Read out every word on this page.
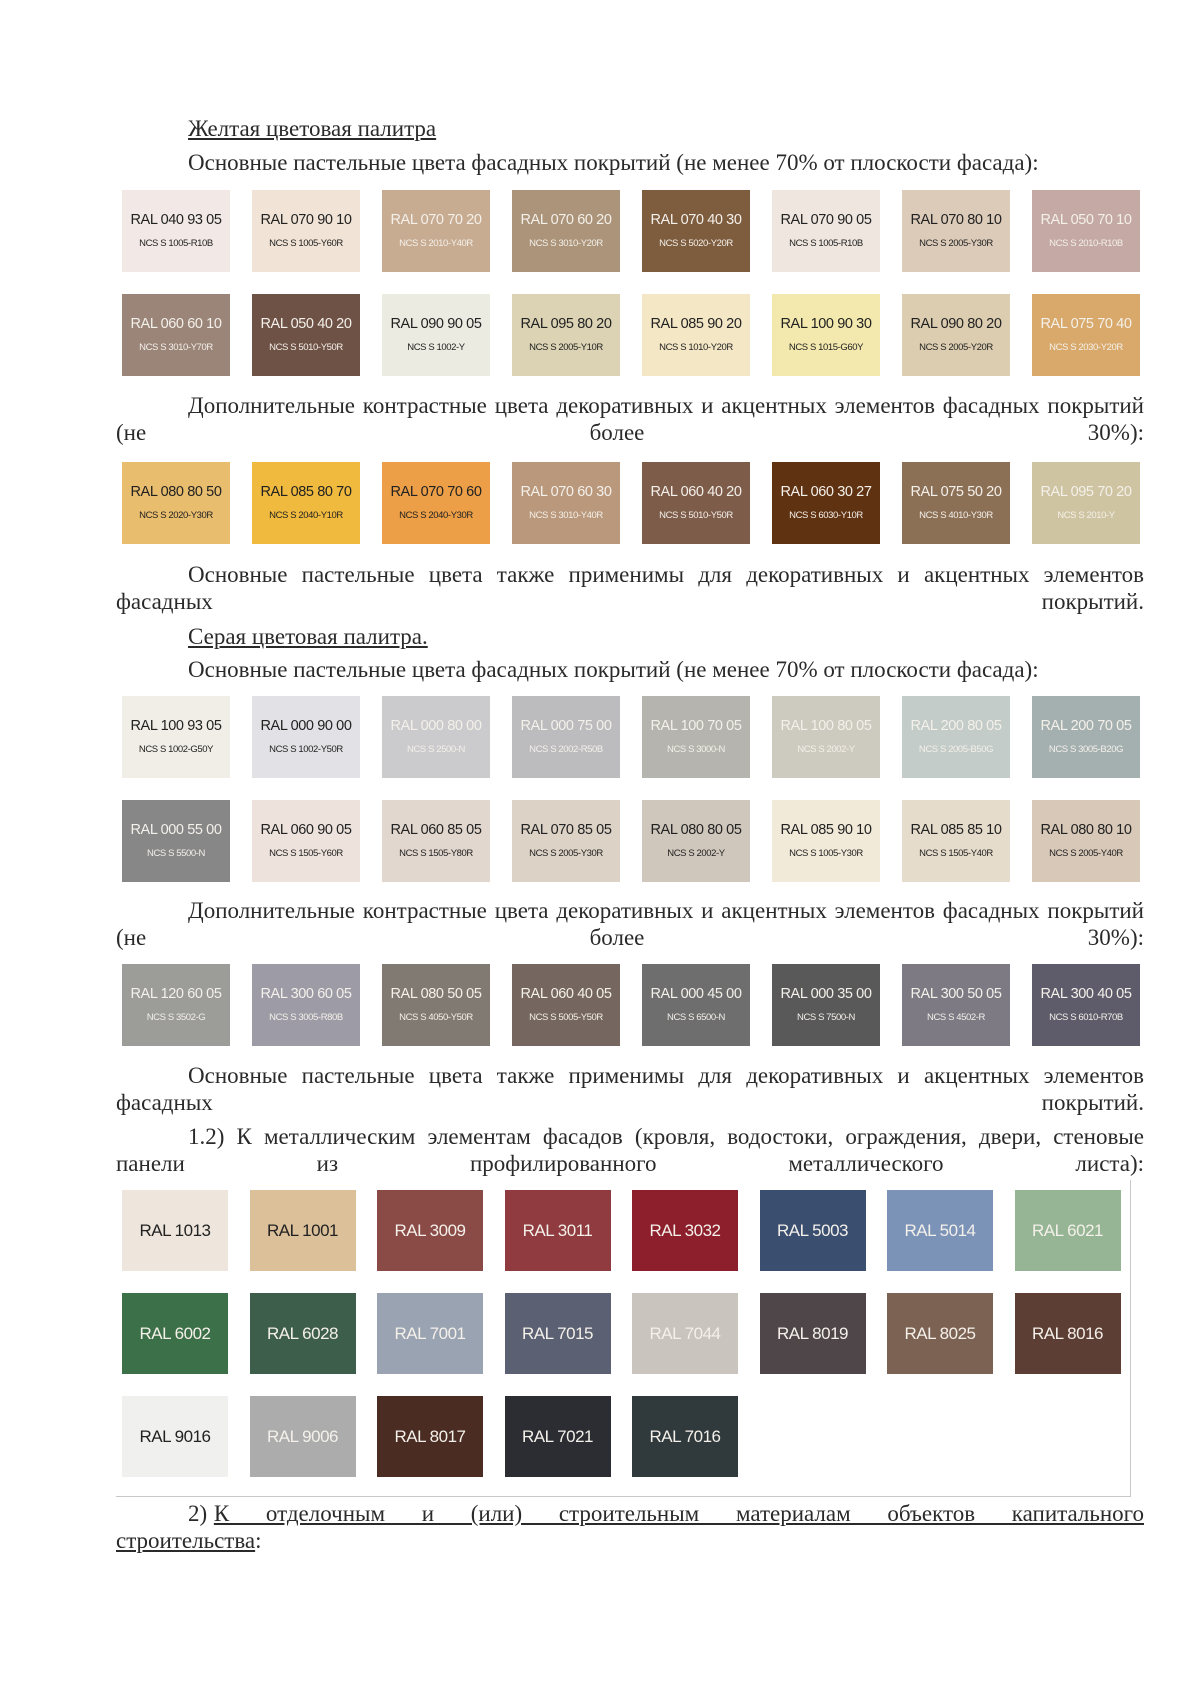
Желтая цветовая палитра
Основные пастельные цвета фасадных покрытий (не менее 70% от плоскости фасада):
RAL 040 93 05
NCS S 1005-R10B
RAL 070 90 10
NCS S 1005-Y60R
RAL 070 70 20
NCS S 2010-Y40R
RAL 070 60 20
NCS S 3010-Y20R
RAL 070 40 30
NCS S 5020-Y20R
RAL 070 90 05
NCS S 1005-R10B
RAL 070 80 10
NCS S 2005-Y30R
RAL 050 70 10
NCS S 2010-R10B
RAL 060 60 10
NCS S 3010-Y70R
RAL 050 40 20
NCS S 5010-Y50R
RAL 090 90 05
NCS S 1002-Y
RAL 095 80 20
NCS S 2005-Y10R
RAL 085 90 20
NCS S 1010-Y20R
RAL 100 90 30
NCS S 1015-G60Y
RAL 090 80 20
NCS S 2005-Y20R
RAL 075 70 40
NCS S 2030-Y20R
Дополнительные контрастные цвета декоративных и акцентных элементов фасадных покрытий (не более 30%):
RAL 080 80 50
NCS S 2020-Y30R
RAL 085 80 70
NCS S 2040-Y10R
RAL 070 70 60
NCS S 2040-Y30R
RAL 070 60 30
NCS S 3010-Y40R
RAL 060 40 20
NCS S 5010-Y50R
RAL 060 30 27
NCS S 6030-Y10R
RAL 075 50 20
NCS S 4010-Y30R
RAL 095 70 20
NCS S 2010-Y
Основные пастельные цвета также применимы для декоративных и акцентных элементов фасадных покрытий.
Серая цветовая палитра.
Основные пастельные цвета фасадных покрытий (не менее 70% от плоскости фасада):
RAL 100 93 05
NCS S 1002-G50Y
RAL 000 90 00
NCS S 1002-Y50R
RAL 000 80 00
NCS S 2500-N
RAL 000 75 00
NCS S 2002-R50B
RAL 100 70 05
NCS S 3000-N
RAL 100 80 05
NCS S 2002-Y
RAL 200 80 05
NCS S 2005-B50G
RAL 200 70 05
NCS S 3005-B20G
RAL 000 55 00
NCS S 5500-N
RAL 060 90 05
NCS S 1505-Y60R
RAL 060 85 05
NCS S 1505-Y80R
RAL 070 85 05
NCS S 2005-Y30R
RAL 080 80 05
NCS S 2002-Y
RAL 085 90 10
NCS S 1005-Y30R
RAL 085 85 10
NCS S 1505-Y40R
RAL 080 80 10
NCS S 2005-Y40R
Дополнительные контрастные цвета декоративных и акцентных элементов фасадных покрытий (не более 30%):
RAL 120 60 05
NCS S 3502-G
RAL 300 60 05
NCS S 3005-R80B
RAL 080 50 05
NCS S 4050-Y50R
RAL 060 40 05
NCS S 5005-Y50R
RAL 000 45 00
NCS S 6500-N
RAL 000 35 00
NCS S 7500-N
RAL 300 50 05
NCS S 4502-R
RAL 300 40 05
NCS S 6010-R70B
Основные пастельные цвета также применимы для декоративных и акцентных элементов фасадных покрытий.
1.2) К металлическим элементам фасадов (кровля, водостоки, ограждения, двери, стеновые панели из профилированного металлического листа):
RAL 1013	RAL 1001	RAL 3009	RAL 3011	RAL 3032	RAL 5003	RAL 5014	RAL 6021
RAL 6002	RAL 6028	RAL 7001	RAL 7015	RAL 7044	RAL 8019	RAL 8025	RAL 8016
RAL 9016	RAL 9006	RAL 8017	RAL 7021	RAL 7016
2) К отделочным и (или) строительным материалам объектов капитального строительства:
